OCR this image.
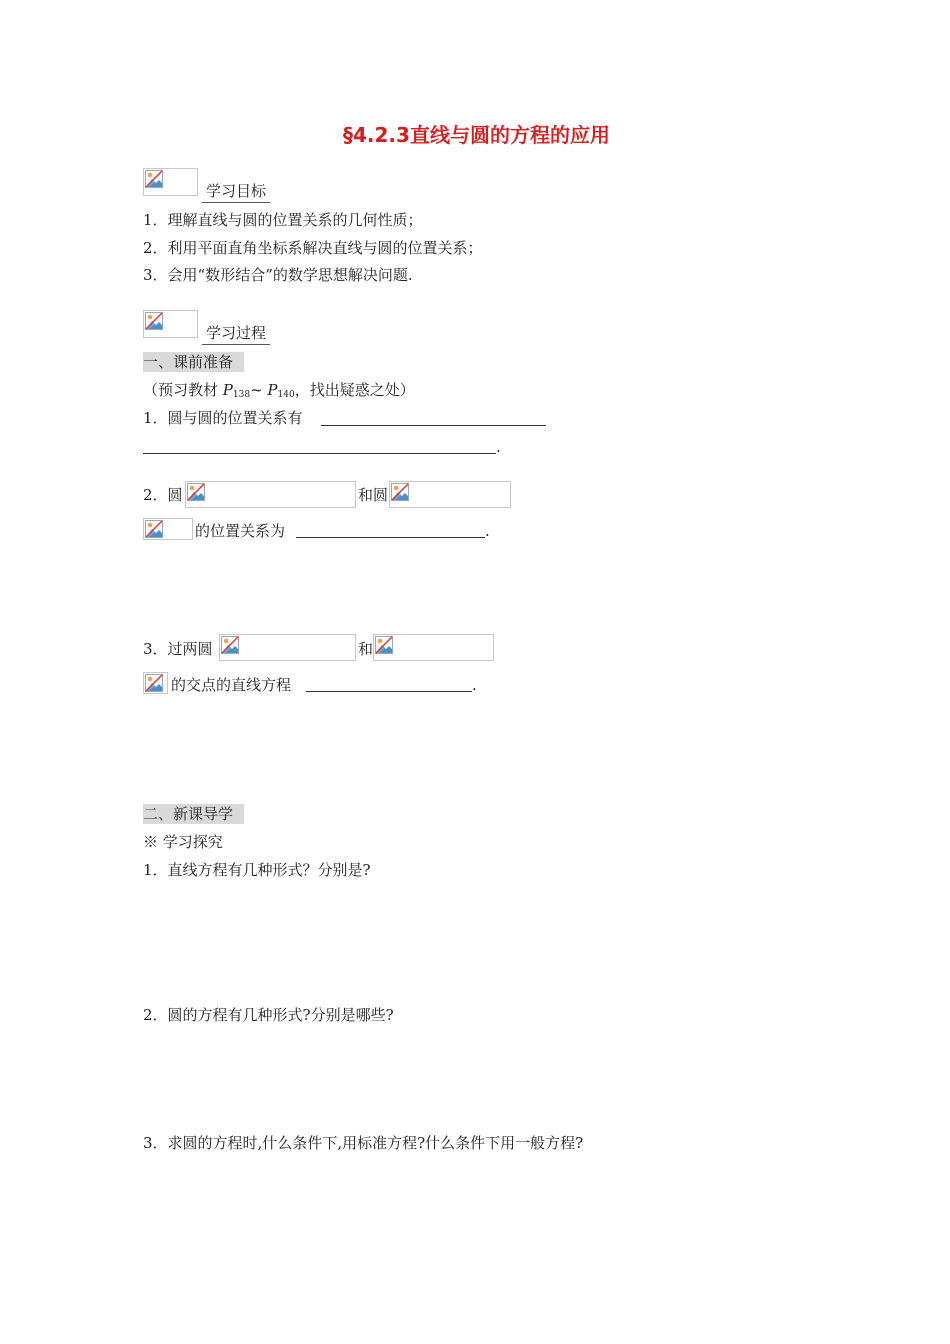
§4.2.3直线与圆的方程的应用
学习目标
1．理解直线与圆的位置关系的几何性质；
2．利用平面直角坐标系解决直线与圆的位置关系；
3．会用“数形结合”的数学思想解决问题.
学习过程
一、课前准备
（预习教材 $P_{138}\sim$ $P_{140}$，找出疑惑之处）
1．圆与圆的位置关系有
.
2．圆	和圆
的位置关系为	.
3．过两圆	和
的交点的直线方程	.
二、新课导学
※ 学习探究
1．直线方程有几种形式？分别是?
2．圆的方程有几种形式?分别是哪些?
3．求圆的方程时,什么条件下,用标准方程?什么条件下用一般方程?
